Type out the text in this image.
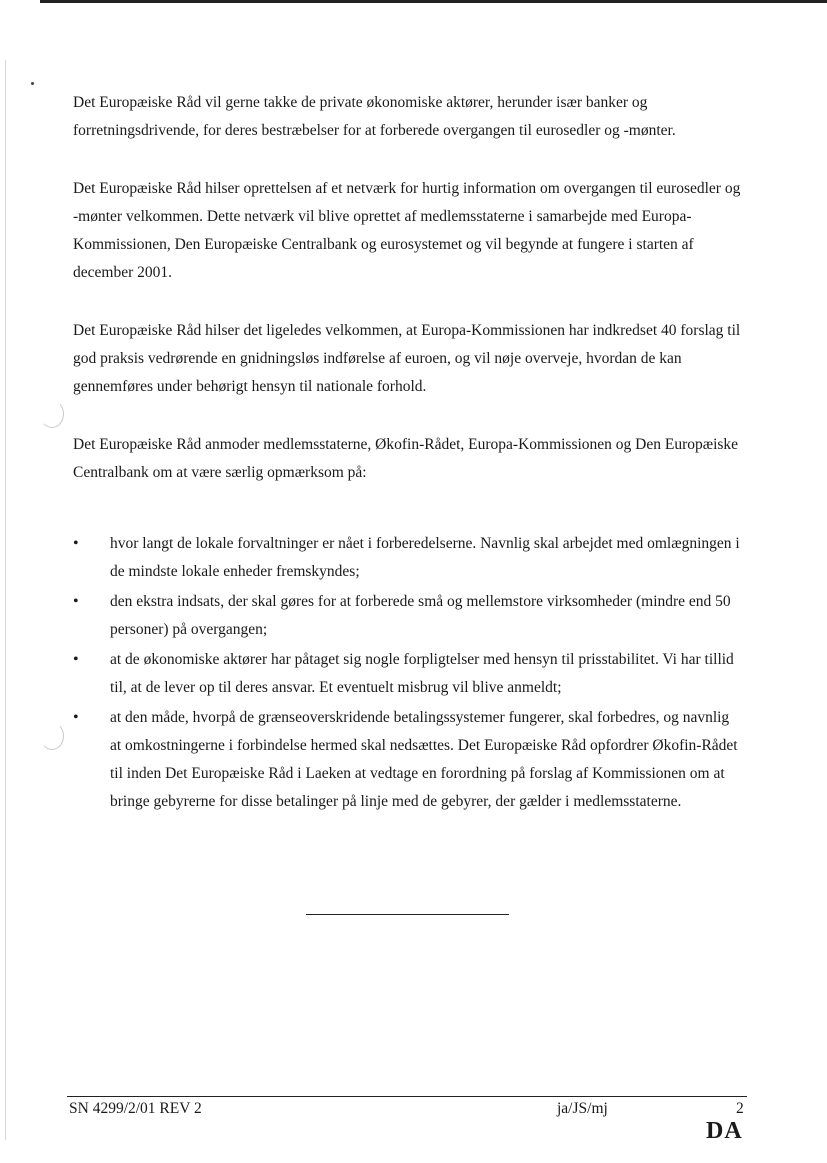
Det Europæiske Råd vil gerne takke de private økonomiske aktører, herunder især banker og forretningsdrivende, for deres bestræbelser for at forberede overgangen til eurosedler og -mønter.

Det Europæiske Råd hilser oprettelsen af et netværk for hurtig information om overgangen til eurosedler og -mønter velkommen. Dette netværk vil blive oprettet af medlemsstaterne i samarbejde med Europa-Kommissionen, Den Europæiske Centralbank og eurosystemet og vil begynde at fungere i starten af december 2001.

Det Europæiske Råd hilser det ligeledes velkommen, at Europa-Kommissionen har indkredset 40 forslag til god praksis vedrørende en gnidningsløs indførelse af euroen, og vil nøje overveje, hvordan de kan gennemføres under behørigt hensyn til nationale forhold.

Det Europæiske Råd anmoder medlemsstaterne, Økofin-Rådet, Europa-Kommissionen og Den Europæiske Centralbank om at være særlig opmærksom på:

• hvor langt de lokale forvaltninger er nået i forberedelserne. Navnlig skal arbejdet med omlægningen i de mindste lokale enheder fremskyndes;
• den ekstra indsats, der skal gøres for at forberede små og mellemstore virksomheder (mindre end 50 personer) på overgangen;
• at de økonomiske aktører har påtaget sig nogle forpligtelser med hensyn til prisstabilitet. Vi har tillid til, at de lever op til deres ansvar. Et eventuelt misbrug vil blive anmeldt;
• at den måde, hvorpå de grænseoverskridende betalingssystemer fungerer, skal forbedres, og navnlig at omkostningerne i forbindelse hermed skal nedsættes. Det Europæiske Råd opfordrer Økofin-Rådet til inden Det Europæiske Råd i Laeken at vedtage en forordning på forslag af Kommissionen om at bringe gebyrerne for disse betalinger på linje med de gebyrer, der gælder i medlemsstaterne.
SN 4299/2/01 REV 2	ja/JS/mj	2
DA
